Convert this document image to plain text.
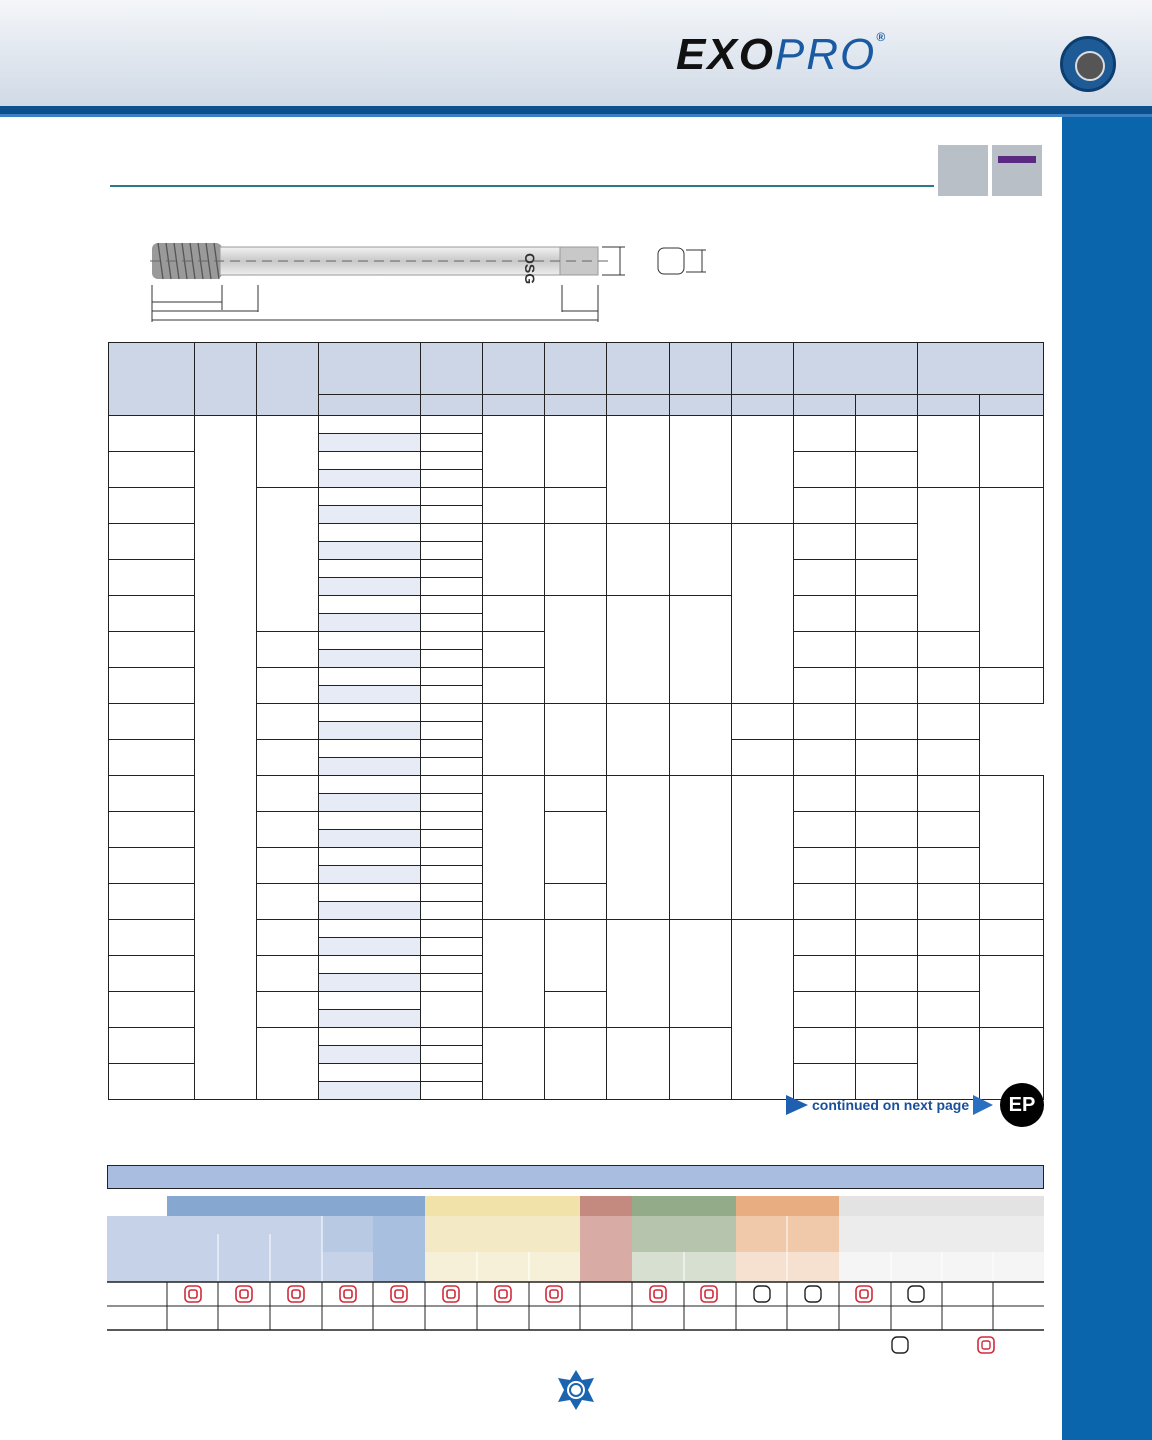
EXOPRO®
OSG

continued on next page	EP
